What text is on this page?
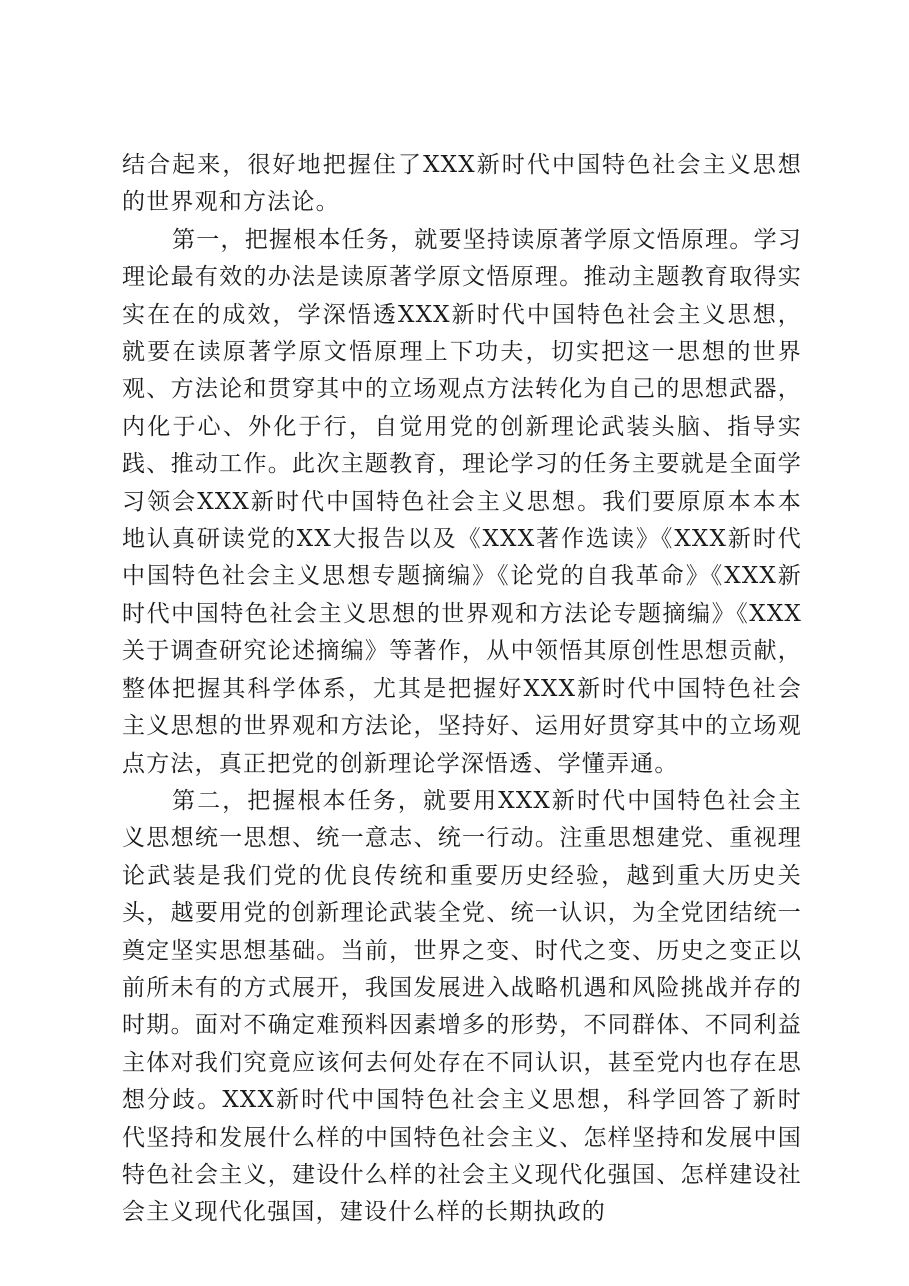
结合起来，很好地把握住了XXX新时代中国特色社会主义思想的世界观和方法论。

第一，把握根本任务，就要坚持读原著学原文悟原理。学习理论最有效的办法是读原著学原文悟原理。推动主题教育取得实实在在的成效，学深悟透XXX新时代中国特色社会主义思想，就要在读原著学原文悟原理上下功夫，切实把这一思想的世界观、方法论和贯穿其中的立场观点方法转化为自己的思想武器，内化于心、外化于行，自觉用党的创新理论武装头脑、指导实践、推动工作。此次主题教育，理论学习的任务主要就是全面学习领会XXX新时代中国特色社会主义思想。我们要原原本本本地认真研读党的XX大报告以及《XXX著作选读》《XXX新时代中国特色社会主义思想专题摘编》《论党的自我革命》《XXX新时代中国特色社会主义思想的世界观和方法论专题摘编》《XXX关于调查研究论述摘编》等著作，从中领悟其原创性思想贡献，整体把握其科学体系，尤其是把握好XXX新时代中国特色社会主义思想的世界观和方法论，坚持好、运用好贯穿其中的立场观点方法，真正把党的创新理论学深悟透、学懂弄通。

第二，把握根本任务，就要用XXX新时代中国特色社会主义思想统一思想、统一意志、统一行动。注重思想建党、重视理论武装是我们党的优良传统和重要历史经验，越到重大历史关头，越要用党的创新理论武装全党、统一认识，为全党团结统一奠定坚实思想基础。当前，世界之变、时代之变、历史之变正以前所未有的方式展开，我国发展进入战略机遇和风险挑战并存的时期。面对不确定难预料因素增多的形势，不同群体、不同利益主体对我们究竟应该何去何处存在不同认识，甚至党内也存在思想分歧。XXX新时代中国特色社会主义思想，科学回答了新时代坚持和发展什么样的中国特色社会主义、怎样坚持和发展中国特色社会主义，建设什么样的社会主义现代化强国、怎样建设社会主义现代化强国，建设什么样的长期执政的
